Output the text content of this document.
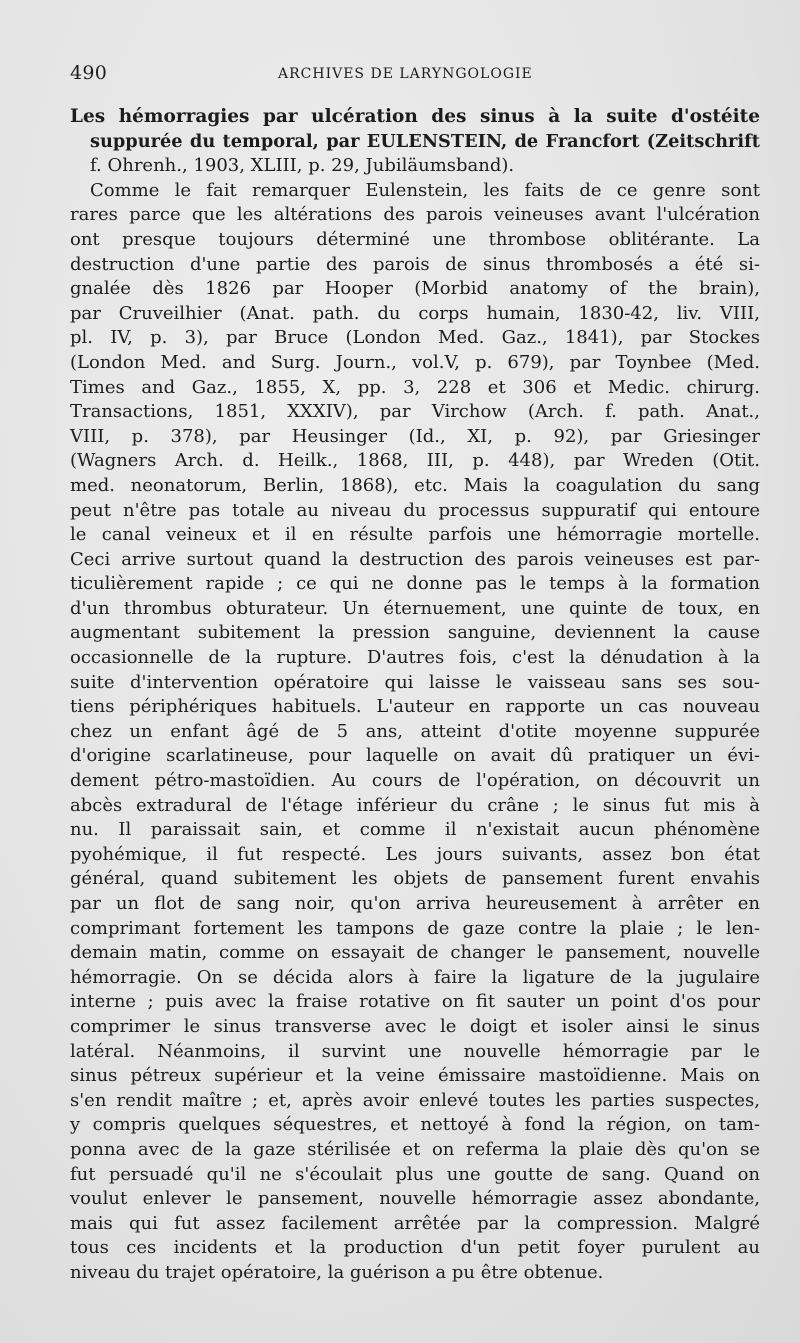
490	ARCHIVES DE LARYNGOLOGIE
Les hémorragies par ulcération des sinus à la suite d'ostéite
suppurée du temporal, par EULENSTEIN, de Francfort (Zeitschrift
f. Ohrenh., 1903, XLIII, p. 29, Jubiläumsband).
Comme le fait remarquer Eulenstein, les faits de ce genre sont
rares parce que les altérations des parois veineuses avant l'ulcération
ont presque toujours déterminé une thrombose oblitérante. La
destruction d'une partie des parois de sinus thrombosés a été si-
gnalée dès 1826 par Hooper (Morbid anatomy of the brain),
par Cruveilhier (Anat. path. du corps humain, 1830-42, liv. VIII,
pl. IV, p. 3), par Bruce (London Med. Gaz., 1841), par Stockes
(London Med. and Surg. Journ., vol.V, p. 679), par Toynbee (Med.
Times and Gaz., 1855, X, pp. 3, 228 et 306 et Medic. chirurg.
Transactions, 1851, XXXIV), par Virchow (Arch. f. path. Anat.,
VIII, p. 378), par Heusinger (Id., XI, p. 92), par Griesinger
(Wagners Arch. d. Heilk., 1868, III, p. 448), par Wreden (Otit.
med. neonatorum, Berlin, 1868), etc. Mais la coagulation du sang
peut n'être pas totale au niveau du processus suppuratif qui entoure
le canal veineux et il en résulte parfois une hémorragie mortelle.
Ceci arrive surtout quand la destruction des parois veineuses est par-
ticulièrement rapide ; ce qui ne donne pas le temps à la formation
d'un thrombus obturateur. Un éternuement, une quinte de toux, en
augmentant subitement la pression sanguine, deviennent la cause
occasionnelle de la rupture. D'autres fois, c'est la dénudation à la
suite d'intervention opératoire qui laisse le vaisseau sans ses sou-
tiens périphériques habituels. L'auteur en rapporte un cas nouveau
chez un enfant âgé de 5 ans, atteint d'otite moyenne suppurée
d'origine scarlatineuse, pour laquelle on avait dû pratiquer un évi-
dement pétro-mastoïdien. Au cours de l'opération, on découvrit un
abcès extradural de l'étage inférieur du crâne ; le sinus fut mis à
nu. Il paraissait sain, et comme il n'existait aucun phénomène
pyohémique, il fut respecté. Les jours suivants, assez bon état
général, quand subitement les objets de pansement furent envahis
par un flot de sang noir, qu'on arriva heureusement à arrêter en
comprimant fortement les tampons de gaze contre la plaie ; le len-
demain matin, comme on essayait de changer le pansement, nouvelle
hémorragie. On se décida alors à faire la ligature de la jugulaire
interne ; puis avec la fraise rotative on fit sauter un point d'os pour
comprimer le sinus transverse avec le doigt et isoler ainsi le sinus
latéral. Néanmoins, il survint une nouvelle hémorragie par le
sinus pétreux supérieur et la veine émissaire mastoïdienne. Mais on
s'en rendit maître ; et, après avoir enlevé toutes les parties suspectes,
y compris quelques séquestres, et nettoyé à fond la région, on tam-
ponna avec de la gaze stérilisée et on referma la plaie dès qu'on se
fut persuadé qu'il ne s'écoulait plus une goutte de sang. Quand on
voulut enlever le pansement, nouvelle hémorragie assez abondante,
mais qui fut assez facilement arrêtée par la compression. Malgré
tous ces incidents et la production d'un petit foyer purulent au
niveau du trajet opératoire, la guérison a pu être obtenue.
